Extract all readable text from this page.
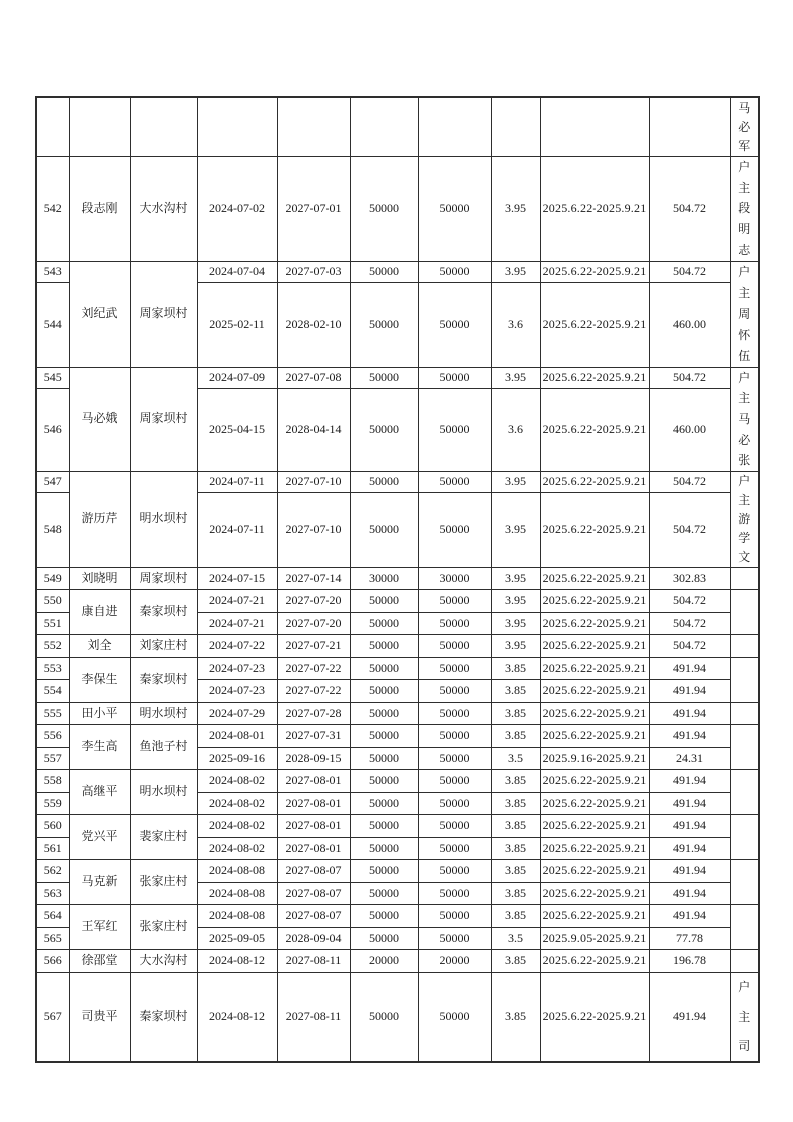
										马
必
军

542	段志刚	大水沟村	2024-07-02	2027-07-01	50000	50000	3.95	2025.6.22-2025.9.21	504.72	户
主
段
明
志

543	刘纪武	周家坝村	2024-07-04	2027-07-03	50000	50000	3.95	2025.6.22-2025.9.21	504.72	户
主
周
怀
伍

544			2025-02-11	2028-02-10	50000	50000	3.6	2025.6.22-2025.9.21	460.00	
545	马必娥	周家坝村	2024-07-09	2027-07-08	50000	50000	3.95	2025.6.22-2025.9.21	504.72	户
主
马
必
张

546			2025-04-15	2028-04-14	50000	50000	3.6	2025.6.22-2025.9.21	460.00	
547	游历芹	明水坝村	2024-07-11	2027-07-10	50000	50000	3.95	2025.6.22-2025.9.21	504.72	户
主
游
学
文

548			2024-07-11	2027-07-10	50000	50000	3.95	2025.6.22-2025.9.21	504.72	
549	刘晓明	周家坝村	2024-07-15	2027-07-14	30000	30000	3.95	2025.6.22-2025.9.21	302.83	
550	康自进	秦家坝村	2024-07-21	2027-07-20	50000	50000	3.95	2025.6.22-2025.9.21	504.72	
551			2024-07-21	2027-07-20	50000	50000	3.95	2025.6.22-2025.9.21	504.72	
552	刘全	刘家庄村	2024-07-22	2027-07-21	50000	50000	3.95	2025.6.22-2025.9.21	504.72	
553	李保生	秦家坝村	2024-07-23	2027-07-22	50000	50000	3.85	2025.6.22-2025.9.21	491.94	
554			2024-07-23	2027-07-22	50000	50000	3.85	2025.6.22-2025.9.21	491.94	
555	田小平	明水坝村	2024-07-29	2027-07-28	50000	50000	3.85	2025.6.22-2025.9.21	491.94	
556	李生高	鱼池子村	2024-08-01	2027-07-31	50000	50000	3.85	2025.6.22-2025.9.21	491.94	
557			2025-09-16	2028-09-15	50000	50000	3.5	2025.9.16-2025.9.21	24.31	
558	高继平	明水坝村	2024-08-02	2027-08-01	50000	50000	3.85	2025.6.22-2025.9.21	491.94	
559			2024-08-02	2027-08-01	50000	50000	3.85	2025.6.22-2025.9.21	491.94	
560	党兴平	裴家庄村	2024-08-02	2027-08-01	50000	50000	3.85	2025.6.22-2025.9.21	491.94	
561			2024-08-02	2027-08-01	50000	50000	3.85	2025.6.22-2025.9.21	491.94	
562	马克新	张家庄村	2024-08-08	2027-08-07	50000	50000	3.85	2025.6.22-2025.9.21	491.94	
563			2024-08-08	2027-08-07	50000	50000	3.85	2025.6.22-2025.9.21	491.94	
564	王军红	张家庄村	2024-08-08	2027-08-07	50000	50000	3.85	2025.6.22-2025.9.21	491.94	
565			2025-09-05	2028-09-04	50000	50000	3.5	2025.9.05-2025.9.21	77.78	
566	徐邵堂	大水沟村	2024-08-12	2027-08-11	20000	20000	3.85	2025.6.22-2025.9.21	196.78	
567	司贵平	秦家坝村	2024-08-12	2027-08-11	50000	50000	3.85	2025.6.22-2025.9.21	491.94	户
主
司
